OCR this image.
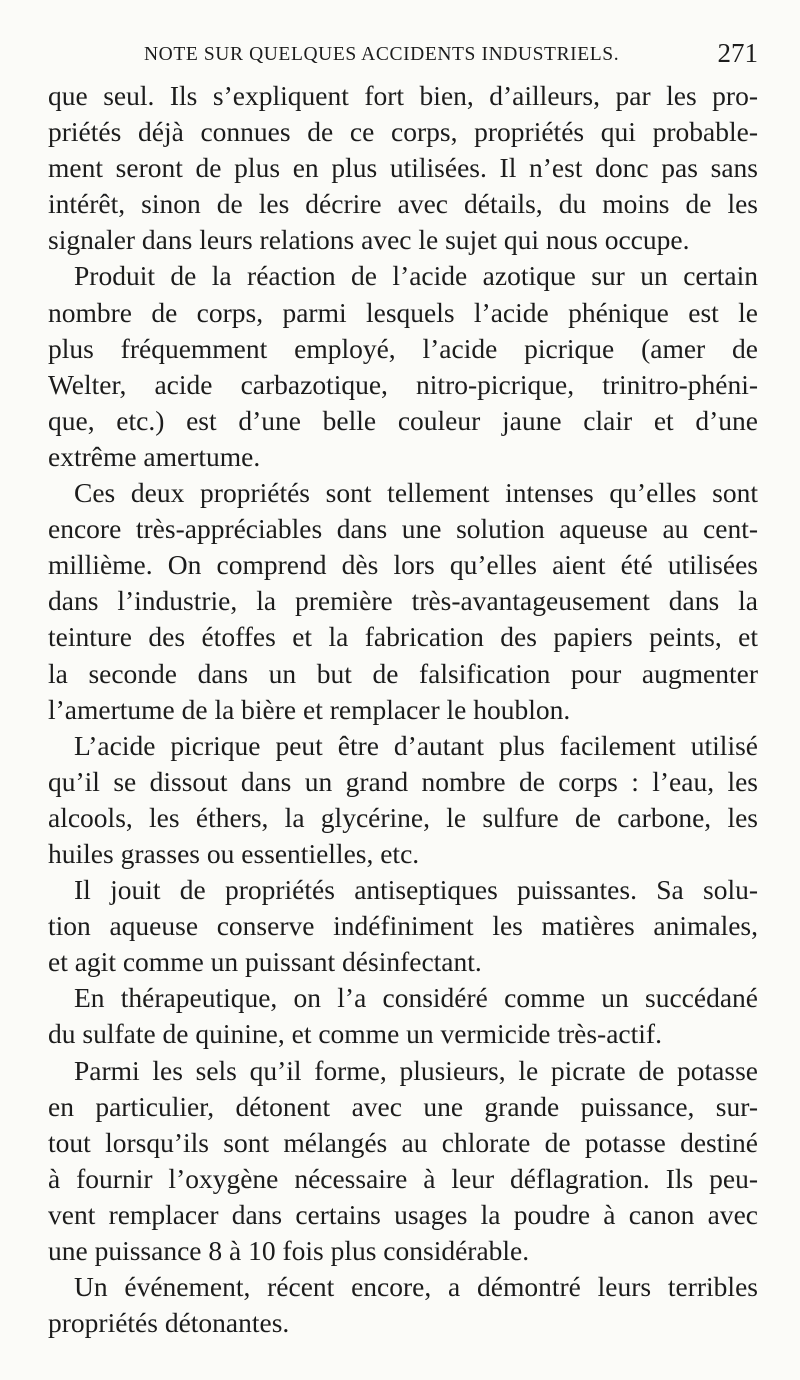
NOTE SUR QUELQUES ACCIDENTS INDUSTRIELS.	271

que seul. Ils s’expliquent fort bien, d’ailleurs, par les pro-
priétés déjà connues de ce corps, propriétés qui probable-
ment seront de plus en plus utilisées. Il n’est donc pas sans
intérêt, sinon de les décrire avec détails, du moins de les
signaler dans leurs relations avec le sujet qui nous occupe.

Produit de la réaction de l’acide azotique sur un certain
nombre de corps, parmi lesquels l’acide phénique est le
plus fréquemment employé, l’acide picrique (amer de
Welter, acide carbazotique, nitro-picrique, trinitro-phéni-
que, etc.) est d’une belle couleur jaune clair et d’une
extrême amertume.

Ces deux propriétés sont tellement intenses qu’elles sont
encore très-appréciables dans une solution aqueuse au cent-
millième. On comprend dès lors qu’elles aient été utilisées
dans l’industrie, la première très-avantageusement dans la
teinture des étoffes et la fabrication des papiers peints, et
la seconde dans un but de falsification pour augmenter
l’amertume de la bière et remplacer le houblon.

L’acide picrique peut être d’autant plus facilement utilisé
qu’il se dissout dans un grand nombre de corps : l’eau, les
alcools, les éthers, la glycérine, le sulfure de carbone, les
huiles grasses ou essentielles, etc.

Il jouit de propriétés antiseptiques puissantes. Sa solu-
tion aqueuse conserve indéfiniment les matières animales,
et agit comme un puissant désinfectant.

En thérapeutique, on l’a considéré comme un succédané
du sulfate de quinine, et comme un vermicide très-actif.

Parmi les sels qu’il forme, plusieurs, le picrate de potasse
en particulier, détonent avec une grande puissance, sur-
tout lorsqu’ils sont mélangés au chlorate de potasse destiné
à fournir l’oxygène nécessaire à leur déflagration. Ils peu-
vent remplacer dans certains usages la poudre à canon avec
une puissance 8 à 10 fois plus considérable.

Un événement, récent encore, a démontré leurs terribles
propriétés détonantes.
